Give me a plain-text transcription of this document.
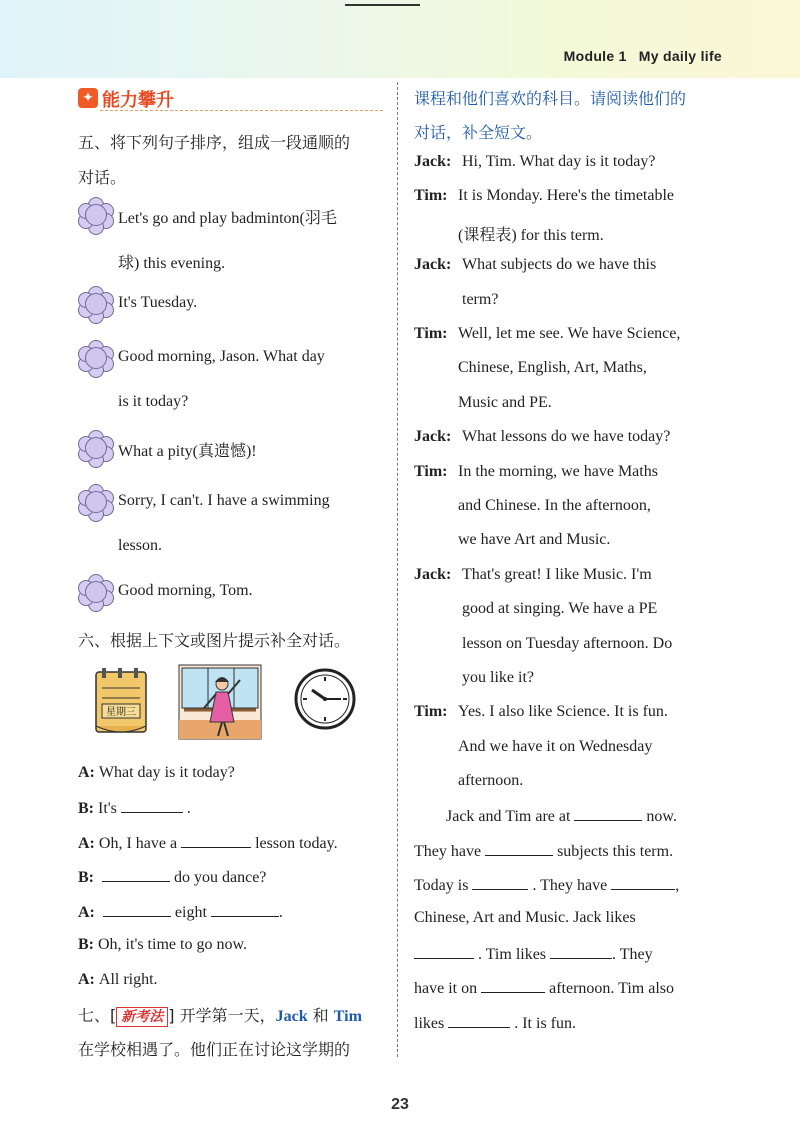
Module 1 My daily life
✦ 能力攀升
五、将下列句子排序，组成一段通顺的
对话。
Let's go and play badminton(羽毛
球) this evening.
It's Tuesday.
Good morning, Jason. What day
is it today?
What a pity(真遗憾)!
Sorry, I can't. I have a swimming
lesson.
Good morning, Tom.
六、根据上下文或图片提示补全对话。
星期三
A: What day is it today?
B: It's	.
A: Oh, I have a	lesson today.
B:	do you dance?
A:	eight	.
B: Oh, it's time to go now.
A: All right.
七、[ 新考法 ] 开学第一天，Jack 和 Tim
在学校相遇了。他们正在讨论这学期的
课程和他们喜欢的科目。请阅读他们的
对话，补全短文。
Jack: Hi, Tim. What day is it today?
Tim: It is Monday. Here's the timetable
(课程表) for this term.
Jack: What subjects do we have this
term?
Tim: Well, let me see. We have Science,
Chinese, English, Art, Maths,
Music and PE.
Jack: What lessons do we have today?
Tim: In the morning, we have Maths
and Chinese. In the afternoon,
we have Art and Music.
Jack: That's great! I like Music. I'm
good at singing. We have a PE
lesson on Tuesday afternoon. Do
you like it?
Tim: Yes. I also like Science. It is fun.
And we have it on Wednesday
afternoon.
Jack and Tim are at	now.
They have	subjects this term.
Today is	. They have	,
Chinese, Art and Music. Jack likes
. Tim likes	. They
have it on	afternoon. Tim also
likes	. It is fun.
23
